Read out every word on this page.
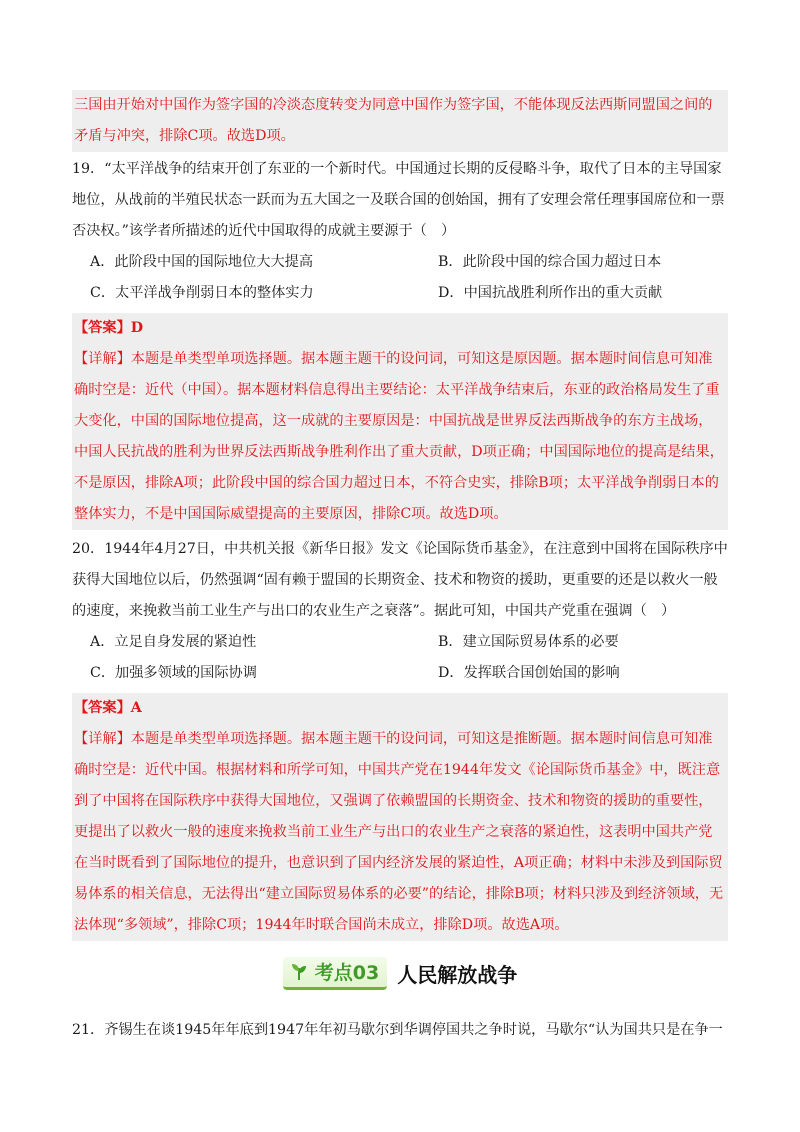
三国由开始对中国作为签字国的冷淡态度转变为同意中国作为签字国，不能体现反法西斯同盟国之间的矛盾与冲突，排除C项。故选D项。

19．“太平洋战争的结束开创了东亚的一个新时代。中国通过长期的反侵略斗争，取代了日本的主导国家地位，从战前的半殖民状态一跃而为五大国之一及联合国的创始国，拥有了安理会常任理事国席位和一票否决权。”该学者所描述的近代中国取得的成就主要源于（　）

A．此阶段中国的国际地位大大提高	B．此阶段中国的综合国力超过日本
C．太平洋战争削弱日本的整体实力	D．中国抗战胜利所作出的重大贡献
【答案】D
【详解】本题是单类型单项选择题。据本题主题干的设问词，可知这是原因题。据本题时间信息可知准确时空是：近代（中国）。据本题材料信息得出主要结论：太平洋战争结束后，东亚的政治格局发生了重大变化，中国的国际地位提高，这一成就的主要原因是：中国抗战是世界反法西斯战争的东方主战场，中国人民抗战的胜利为世界反法西斯战争胜利作出了重大贡献，D项正确；中国国际地位的提高是结果，不是原因，排除A项；此阶段中国的综合国力超过日本，不符合史实，排除B项；太平洋战争削弱日本的整体实力，不是中国国际威望提高的主要原因，排除C项。故选D项。

20．1944年4月27日，中共机关报《新华日报》发文《论国际货币基金》，在注意到中国将在国际秩序中获得大国地位以后，仍然强调“固有赖于盟国的长期资金、技术和物资的援助，更重要的还是以救火一般的速度，来挽救当前工业生产与出口的农业生产之衰落”。据此可知，中国共产党重在强调（　）

A．立足自身发展的紧迫性	B．建立国际贸易体系的必要
C．加强多领域的国际协调	D．发挥联合国创始国的影响
【答案】A
【详解】本题是单类型单项选择题。据本题主题干的设问词，可知这是推断题。据本题时间信息可知准确时空是：近代中国。根据材料和所学可知，中国共产党在1944年发文《论国际货币基金》中，既注意到了中国将在国际秩序中获得大国地位，又强调了依赖盟国的长期资金、技术和物资的援助的重要性，更提出了以救火一般的速度来挽救当前工业生产与出口的农业生产之衰落的紧迫性，这表明中国共产党在当时既看到了国际地位的提升，也意识到了国内经济发展的紧迫性，A项正确；材料中未涉及到国际贸易体系的相关信息，无法得出“建立国际贸易体系的必要”的结论，排除B项；材料只涉及到经济领域，无法体现“多领域”，排除C项；1944年时联合国尚未成立，排除D项。故选A项。
考点03 人民解放战争

21．齐锡生在谈1945年年底到1947年年初马歇尔到华调停国共之争时说，马歇尔“认为国共只是在争一
